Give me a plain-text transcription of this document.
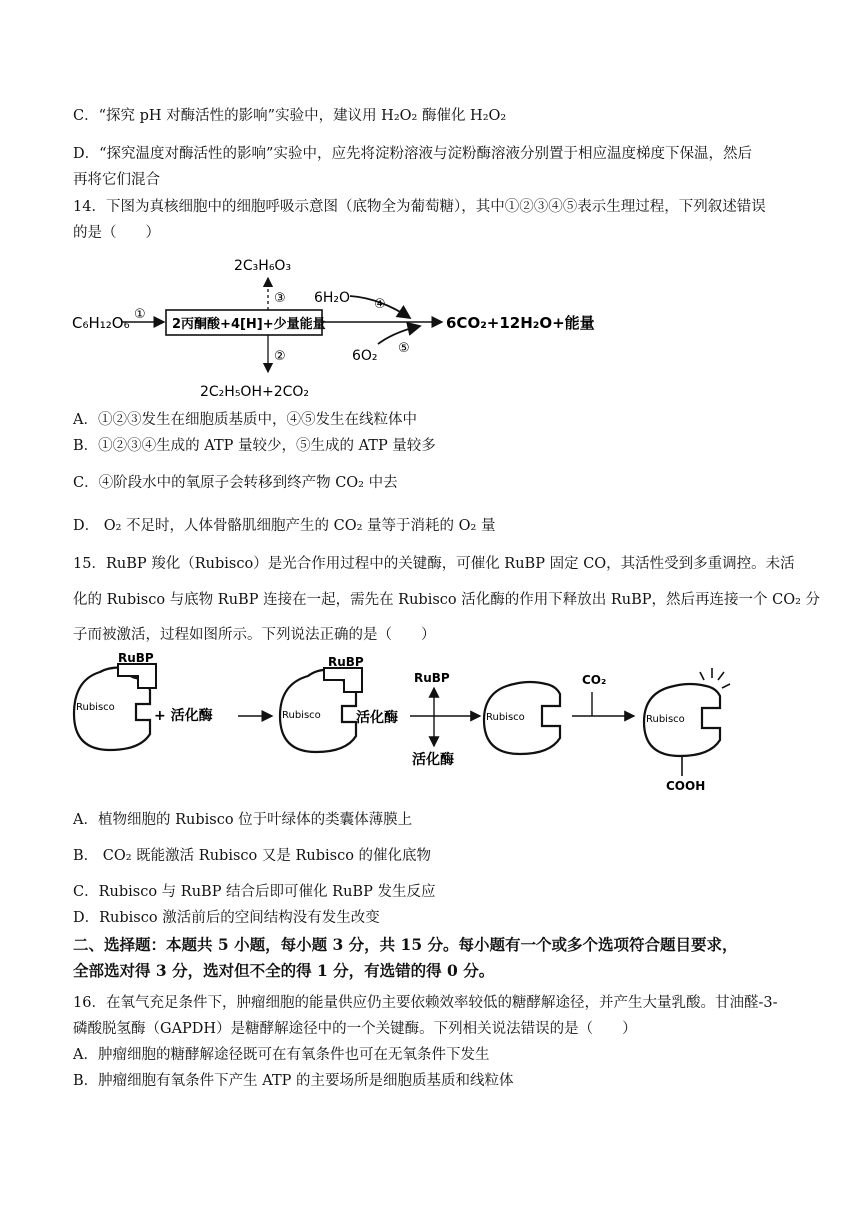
C．“探究 pH 对酶活性的影响”实验中，建议用 H₂O₂ 酶催化 H₂O₂
D．“探究温度对酶活性的影响”实验中，应先将淀粉溶液与淀粉酶溶液分别置于相应温度梯度下保温，然后
再将它们混合
14．下图为真核细胞中的细胞呼吸示意图（底物全为葡萄糖），其中①②③④⑤表示生理过程，下列叙述错误
的是（　　）
C₆H₁₂O₆ ①
2丙酮酸+4[H]+少量能量	6CO₂+12H₂O+能量
2C₃H₆O₃
③
②
2C₂H₅OH+2CO₂
6H₂O ④
6O₂ ⑤
A．①②③发生在细胞质基质中，④⑤发生在线粒体中
B．①②③④生成的 ATP 量较少，⑤生成的 ATP 量较多
C．④阶段水中的氧原子会转移到终产物 CO₂ 中去
D． O₂ 不足时，人体骨骼肌细胞产生的 CO₂ 量等于消耗的 O₂ 量
15．RuBP 羧化（Rubisco）是光合作用过程中的关键酶，可催化 RuBP 固定 CO，其活性受到多重调控。未活
化的 Rubisco 与底物 RuBP 连接在一起，需先在 Rubisco 活化酶的作用下释放出 RuBP，然后再连接一个 CO₂ 分
子而被激活，过程如图所示。下列说法正确的是（　　）
RuBP
Rubisco
+ 活化酶
RuBP
Rubisco	活化酶
RuBP
活化酶
Rubisco
CO₂
Rubisco
COOH
A．植物细胞的 Rubisco 位于叶绿体的类囊体薄膜上
B． CO₂ 既能激活 Rubisco 又是 Rubisco 的催化底物
C．Rubisco 与 RuBP 结合后即可催化 RuBP 发生反应
D．Rubisco 激活前后的空间结构没有发生改变
二、选择题：本题共 5 小题，每小题 3 分，共 15 分。每小题有一个或多个选项符合题目要求，
全部选对得 3 分，选对但不全的得 1 分，有选错的得 0 分。
16．在氧气充足条件下，肿瘤细胞的能量供应仍主要依赖效率较低的糖酵解途径，并产生大量乳酸。甘油醛-3-
磷酸脱氢酶（GAPDH）是糖酵解途径中的一个关键酶。下列相关说法错误的是（　　）
A．肿瘤细胞的糖酵解途径既可在有氧条件也可在无氧条件下发生
B．肿瘤细胞有氧条件下产生 ATP 的主要场所是细胞质基质和线粒体
